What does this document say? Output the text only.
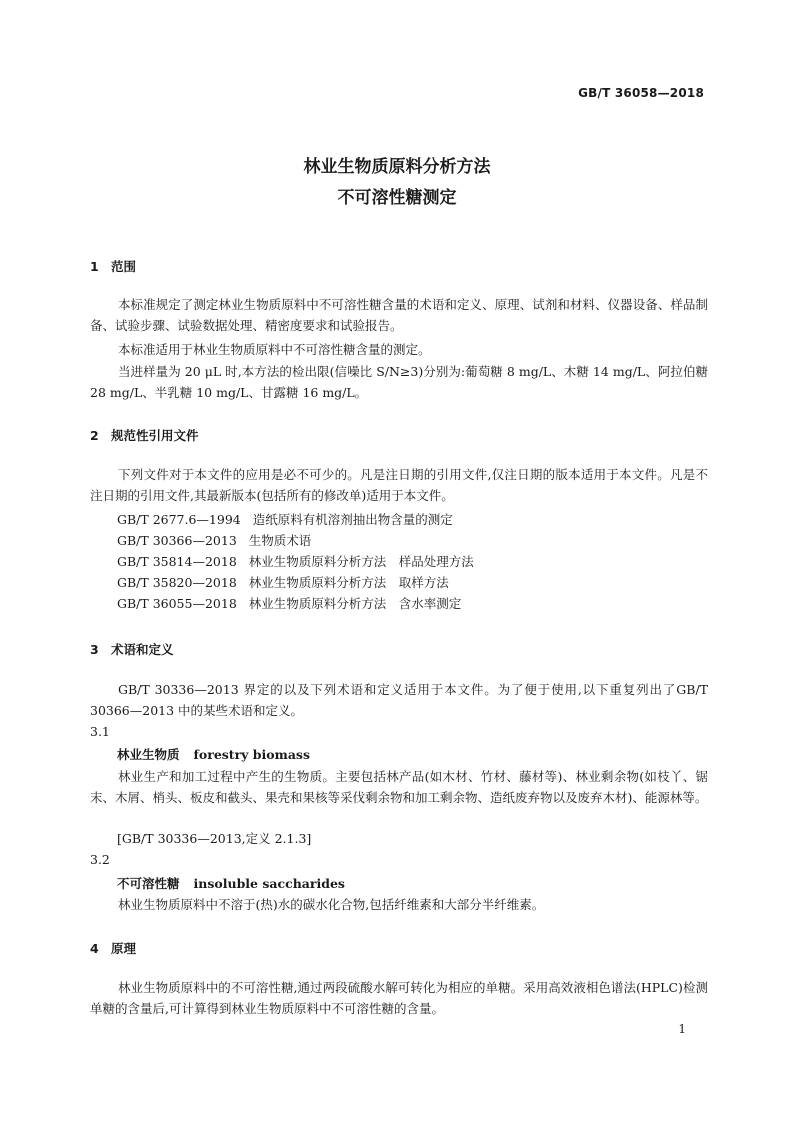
GB/T 36058—2018
林业生物质原料分析方法
不可溶性糖测定
1 范围

本标准规定了测定林业生物质原料中不可溶性糖含量的术语和定义、原理、试剂和材料、仪器设备、样品制备、试验步骤、试验数据处理、精密度要求和试验报告。

本标准适用于林业生物质原料中不可溶性糖含量的测定。

当进样量为 20 μL 时,本方法的检出限(信噪比 S/N≥3)分别为:葡萄糖 8 mg/L、木糖 14 mg/L、阿拉伯糖 28 mg/L、半乳糖 10 mg/L、甘露糖 16 mg/L。

2 规范性引用文件

下列文件对于本文件的应用是必不可少的。凡是注日期的引用文件,仅注日期的版本适用于本文件。凡是不注日期的引用文件,其最新版本(包括所有的修改单)适用于本文件。

GB/T 2677.6—1994 造纸原料有机溶剂抽出物含量的测定
GB/T 30366—2013 生物质术语
GB/T 35814—2018 林业生物质原料分析方法　样品处理方法
GB/T 35820—2018 林业生物质原料分析方法　取样方法
GB/T 36055—2018 林业生物质原料分析方法　含水率测定
3 术语和定义

GB/T 30336—2013 界定的以及下列术语和定义适用于本文件。为了便于使用,以下重复列出了GB/T 30366—2013 中的某些术语和定义。

3.1
林业生物质 forestry biomass

林业生产和加工过程中产生的生物质。主要包括林产品(如木材、竹材、藤材等)、林业剩余物(如枝丫、锯末、木屑、梢头、板皮和截头、果壳和果核等采伐剩余物和加工剩余物、造纸废弃物以及废弃木材)、能源林等。

[GB/T 30336—2013,定义 2.1.3]
3.2
不可溶性糖 insoluble saccharides

林业生物质原料中不溶于(热)水的碳水化合物,包括纤维素和大部分半纤维素。

4 原理

林业生物质原料中的不可溶性糖,通过两段硫酸水解可转化为相应的单糖。采用高效液相色谱法(HPLC)检测单糖的含量后,可计算得到林业生物质原料中不可溶性糖的含量。

1
